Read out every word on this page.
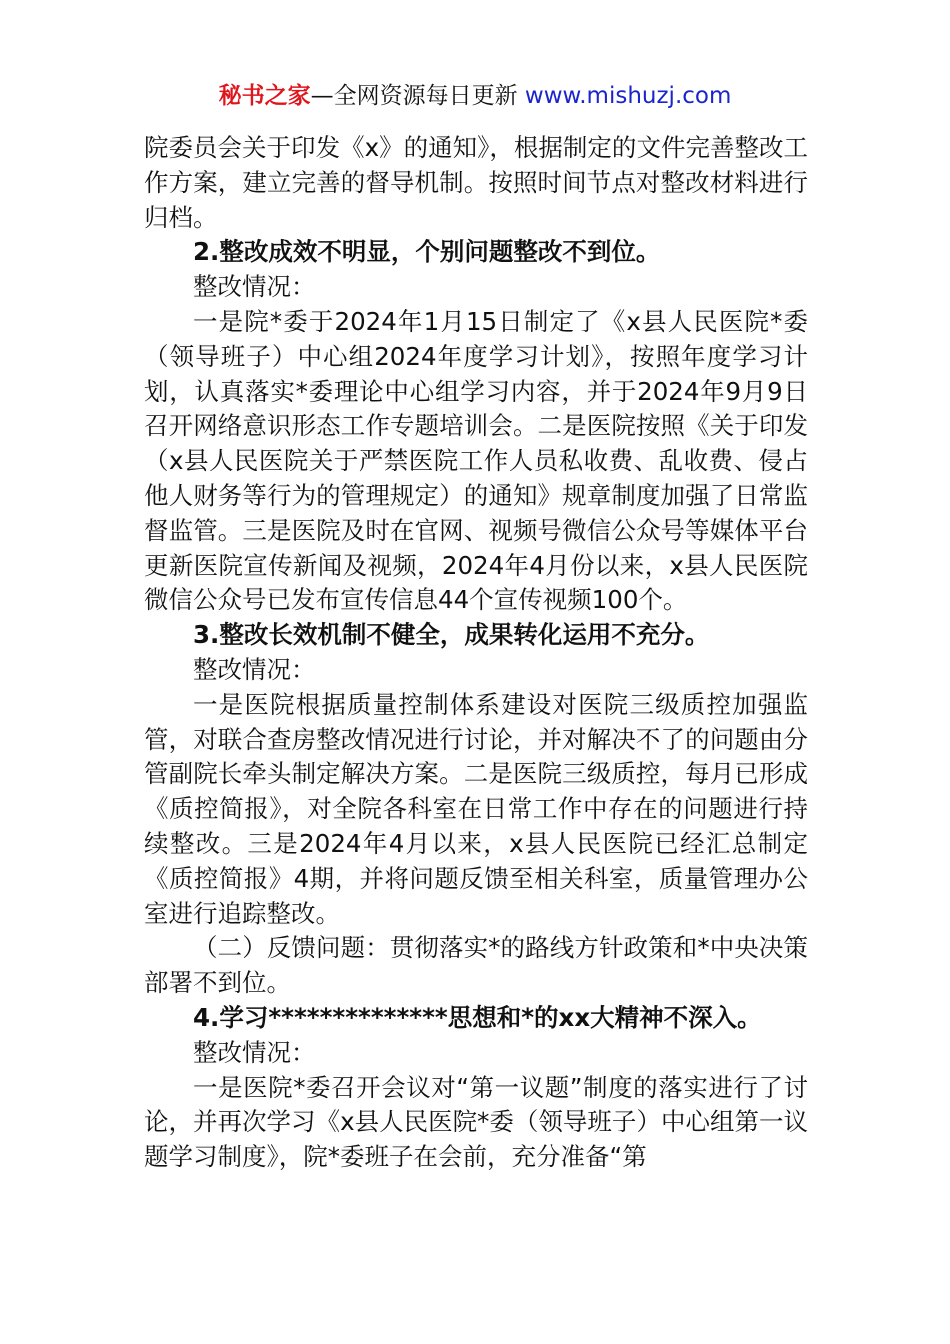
秘书之家—全网资源每日更新 www.mishuzj.com

院委员会关于印发《x》的通知》，根据制定的文件完善整改工作方案，建立完善的督导机制。按照时间节点对整改材料进行归档。

2.整改成效不明显，个别问题整改不到位。

整改情况：

一是院*委于2024年1月15日制定了《x县人民医院*委（领导班子）中心组2024年度学习计划》，按照年度学习计划，认真落实*委理论中心组学习内容，并于2024年9月9日召开网络意识形态工作专题培训会。二是医院按照《关于印发（x县人民医院关于严禁医院工作人员私收费、乱收费、侵占他人财务等行为的管理规定）的通知》规章制度加强了日常监督监管。三是医院及时在官网、视频号微信公众号等媒体平台更新医院宣传新闻及视频，2024年4月份以来，x县人民医院微信公众号已发布宣传信息44个宣传视频100个。

3.整改长效机制不健全，成果转化运用不充分。

整改情况：

一是医院根据质量控制体系建设对医院三级质控加强监管，对联合查房整改情况进行讨论，并对解决不了的问题由分管副院长牵头制定解决方案。二是医院三级质控，每月已形成《质控简报》，对全院各科室在日常工作中存在的问题进行持续整改。三是2024年4月以来，x县人民医院已经汇总制定《质控简报》4期，并将问题反馈至相关科室，质量管理办公室进行追踪整改。

（二）反馈问题：贯彻落实*的路线方针政策和*中央决策部署不到位。

4.学习**************思想和*的xx大精神不深入。

整改情况：

一是医院*委召开会议对“第一议题”制度的落实进行了讨论，并再次学习《x县人民医院*委（领导班子）中心组第一议题学习制度》，院*委班子在会前，充分准备“第
